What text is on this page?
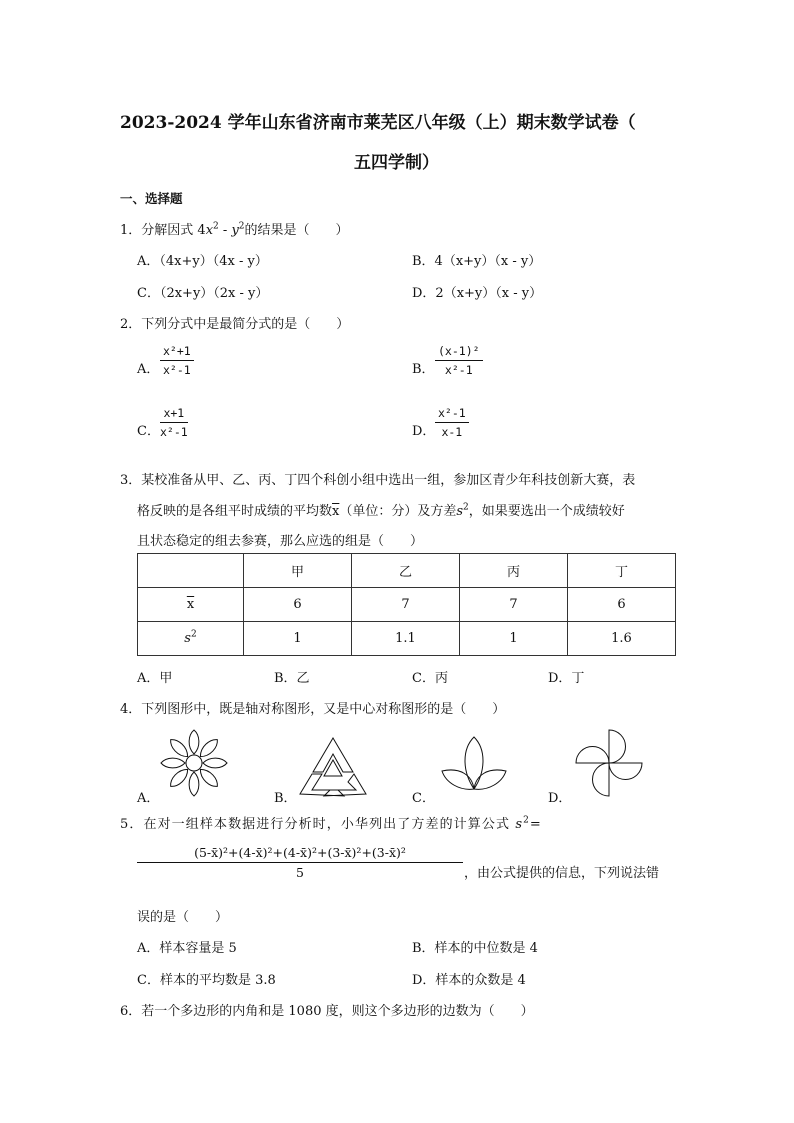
2023-2024 学年山东省济南市莱芜区八年级（上）期末数学试卷（
五四学制）
一、选择题
1．分解因式 $4x^2 - y^2$的结果是（　　）
A．（4x+y）（4x - y）	B．4（x+y）（x - y）
C．（2x+y）（2x - y）	D．2（x+y）（x - y）
2．下列分式中是最简分式的是（　　）
A． $\frac{\text{x²+1}}{\text{x²-1}}$	B． $\frac{\text{(x-1)²}}{\text{x²-1}}$
C． $\frac{x+1}{\text{x²-1}}$	D． $\frac{\text{x²-1}}{x-1}$
3．某校准备从甲、乙、丙、丁四个科创小组中选出一组，参加区青少年科技创新大赛，表
格反映的是各组平时成绩的平均数$\overline{x}$（单位：分）及方差$s^2$，如果要选出一个成绩较好
且状态稳定的组去参赛，那么应选的组是（　　）
	甲	乙	丙	丁
$\overline{x}$	6	7	7	6
$s^2$	1	1.1	1	1.6
A．甲	B．乙	C．丙	D．丁
4．下列图形中，既是轴对称图形，又是中心对称图形的是（　　）
A．	B．	C．	D．
5．在对一组样本数据进行分析时，小华列出了方差的计算公式 $s^2=$
$\frac{\text{(5-x̄)²+(4-x̄)²+(4-x̄)²+(3-x̄)²+(3-x̄)²}}{5}$ ，由公式提供的信息，下列说法错
误的是（　　）
A．样本容量是 5	B．样本的中位数是 4
C．样本的平均数是 3.8	D．样本的众数是 4
6．若一个多边形的内角和是 1080 度，则这个多边形的边数为（　　）
